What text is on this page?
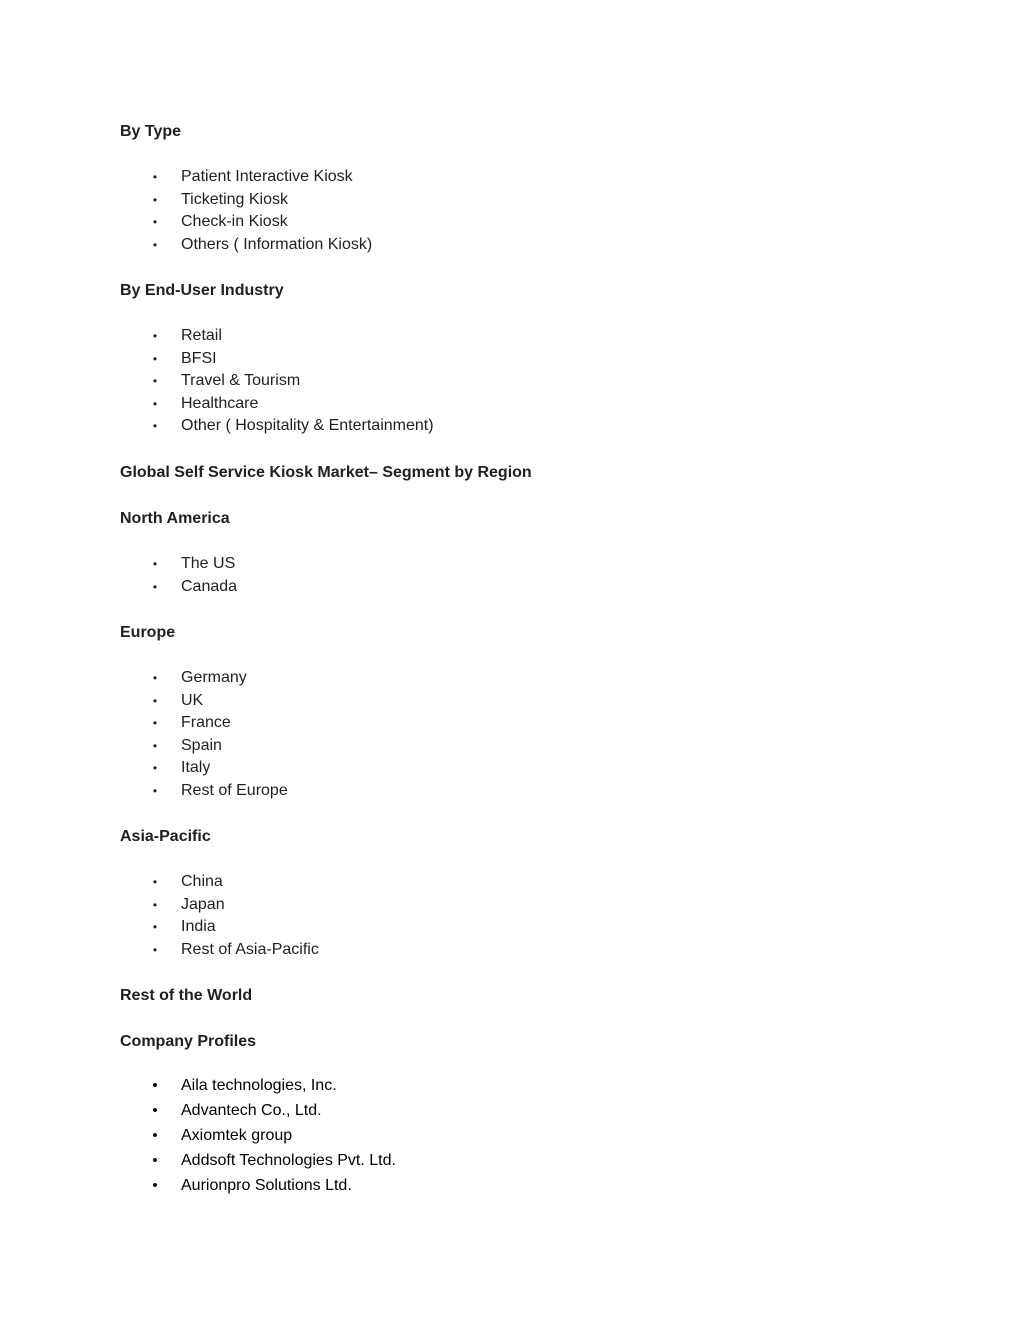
By Type
• Patient Interactive Kiosk
• Ticketing Kiosk
• Check-in Kiosk
• Others ( Information Kiosk)
By End-User Industry
• Retail
• BFSI
• Travel & Tourism
• Healthcare
• Other ( Hospitality & Entertainment)
Global Self Service Kiosk Market– Segment by Region
North America
• The US
• Canada
Europe
• Germany
• UK
• France
• Spain
• Italy
• Rest of Europe
Asia-Pacific
• China
• Japan
• India
• Rest of Asia-Pacific
Rest of the World
Company Profiles
• Aila technologies, Inc.
• Advantech Co., Ltd.
• Axiomtek group
• Addsoft Technologies Pvt. Ltd.
• Aurionpro Solutions Ltd.
